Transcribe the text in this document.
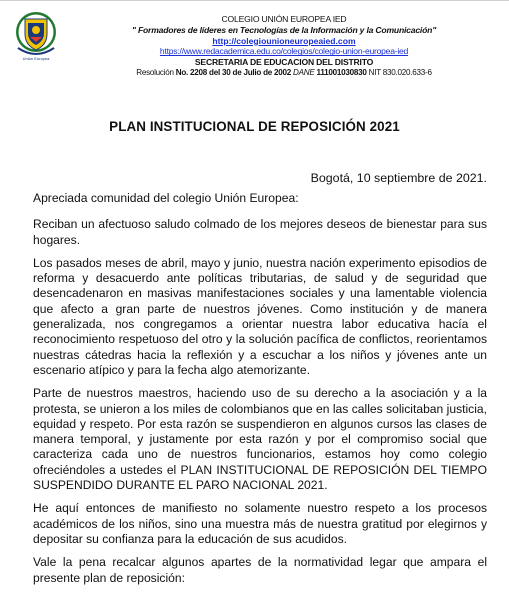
Unión Europea
COLEGIO UNIÓN EUROPEA IED
" Formadores de líderes en Tecnologías de la Información y la Comunicación"
http://colegiounioneuropeaied.com
https://www.redacademica.edu.co/colegios/colegio-union-europea-ied
SECRETARIA DE EDUCACION DEL DISTRITO
Resolución No. 2208 del 30 de Julio de 2002 DANE 111001030830 NIT 830.020.633-6
PLAN INSTITUCIONAL DE REPOSICIÓN 2021
Bogotá, 10 septiembre de 2021.

Apreciada comunidad del colegio Unión Europea:

Reciban un afectuoso saludo colmado de los mejores deseos de bienestar para sus hogares.

Los pasados meses de abril, mayo y junio, nuestra nación experimento episodios de reforma y desacuerdo ante políticas tributarias, de salud y de seguridad que desencadenaron en masivas manifestaciones sociales y una lamentable violencia que afecto a gran parte de nuestros jóvenes. Como institución y de manera generalizada, nos congregamos a orientar nuestra labor educativa hacía el reconocimiento respetuoso del otro y la solución pacífica de conflictos, reorientamos nuestras cátedras hacia la reflexión y a escuchar a los niños y jóvenes ante un escenario atípico y para la fecha algo atemorizante.

Parte de nuestros maestros, haciendo uso de su derecho a la asociación y a la protesta, se unieron a los miles de colombianos que en las calles solicitaban justicia, equidad y respeto. Por esta razón se suspendieron en algunos cursos las clases de manera temporal, y justamente por esta razón y por el compromiso social que caracteriza cada uno de nuestros funcionarios, estamos hoy como colegio ofreciéndoles a ustedes el PLAN INSTITUCIONAL DE REPOSICIÓN DEL TIEMPO SUSPENDIDO DURANTE EL PARO NACIONAL 2021.

He aquí entonces de manifiesto no solamente nuestro respeto a los procesos académicos de los niños, sino una muestra más de nuestra gratitud por elegirnos y depositar su confianza para la educación de sus acudidos.

Vale la pena recalcar algunos apartes de la normatividad legar que ampara el presente plan de reposición:
